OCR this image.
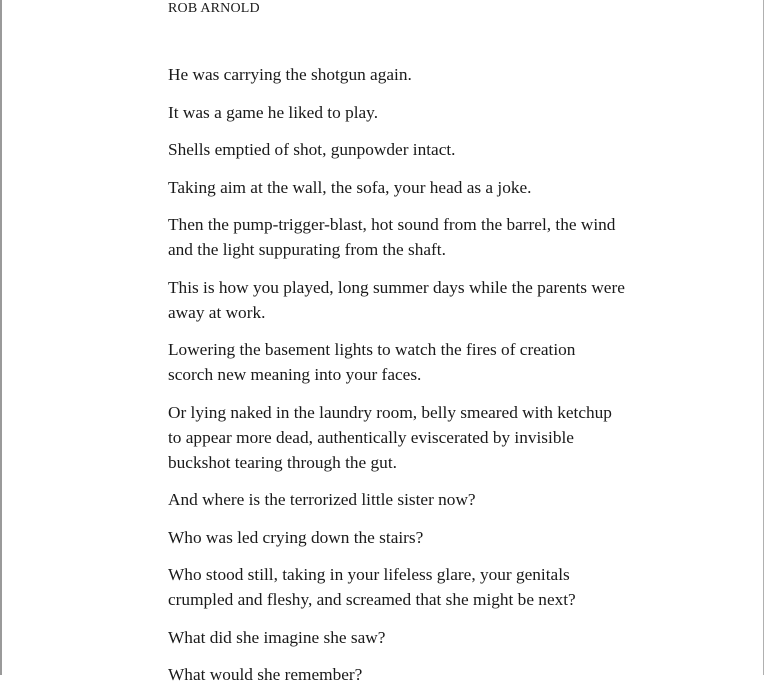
ROB ARNOLD
He was carrying the shotgun again.
It was a game he liked to play.
Shells emptied of shot, gunpowder intact.
Taking aim at the wall, the sofa, your head as a joke.
Then the pump-trigger-blast, hot sound from the barrel, the wind
and the light suppurating from the shaft.
This is how you played, long summer days while the parents were
away at work.
Lowering the basement lights to watch the fires of creation
scorch new meaning into your faces.
Or lying naked in the laundry room, belly smeared with ketchup
to appear more dead, authentically eviscerated by invisible
buckshot tearing through the gut.
And where is the terrorized little sister now?
Who was led crying down the stairs?
Who stood still, taking in your lifeless glare, your genitals
crumpled and fleshy, and screamed that she might be next?
What did she imagine she saw?
What would she remember?
